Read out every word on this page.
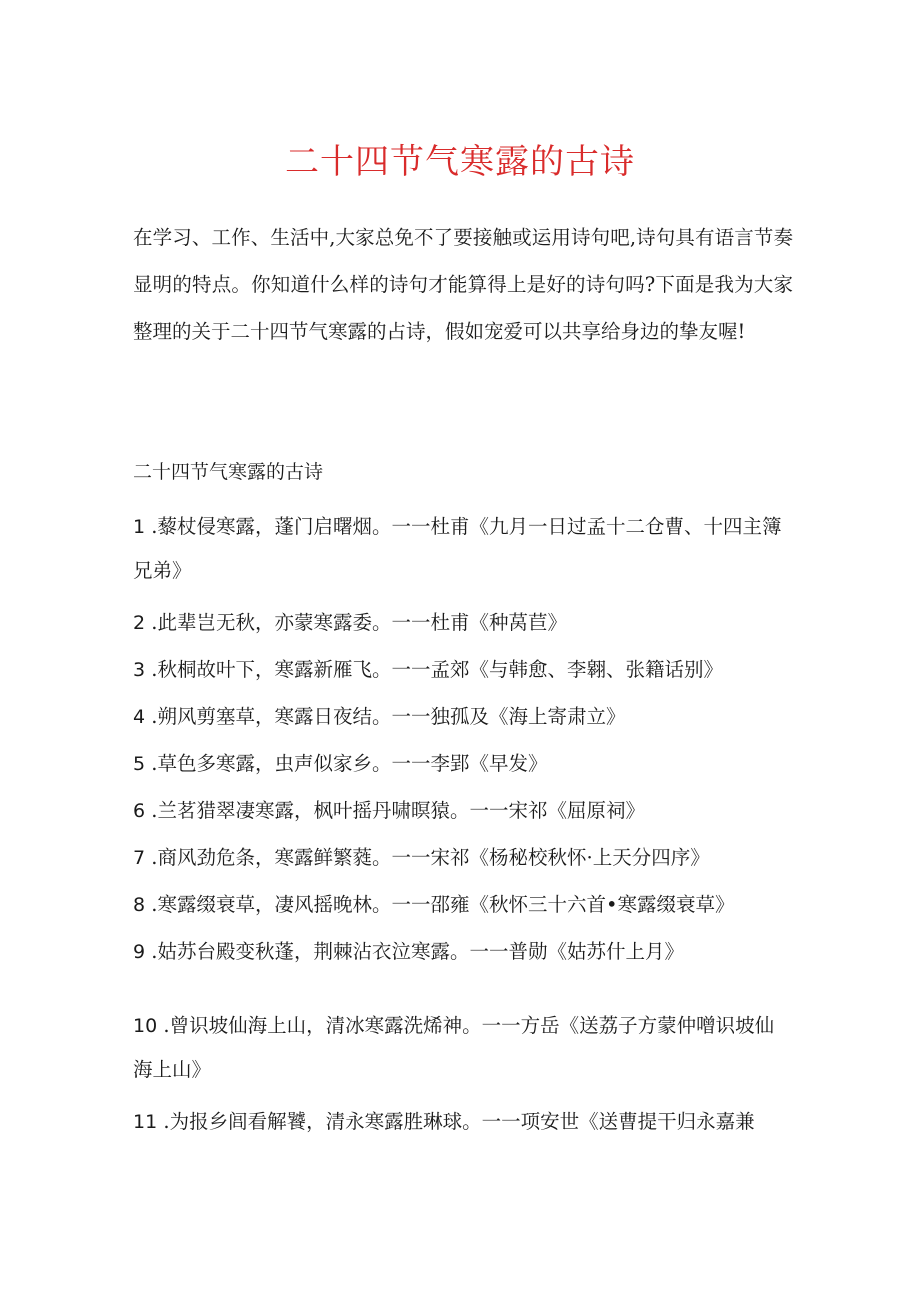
二十四节气寒露的古诗

在学习、工作、生活中,大家总免不了要接触或运用诗句吧,诗句具有语言节奏显明的特点。你知道什么样的诗句才能算得上是好的诗句吗?下面是我为大家整理的关于二十四节气寒露的占诗，假如宠爱可以共享给身边的挚友喔!

二十四节气寒露的古诗

1 .藜杖侵寒露，蓬门启曙烟。一一杜甫《九月一日过孟十二仓曹、十四主簿兄弟》

2 .此辈岂无秋，亦蒙寒露委。一一杜甫《种莴苣》

3 .秋桐故叶下，寒露新雁飞。一一孟郊《与韩愈、李翱、张籍话别》

4 .朔风剪塞草，寒露日夜结。一一独孤及《海上寄肃立》

5 .草色多寒露，虫声似家乡。一一李郢《早发》

6 .兰茗猎翠凄寒露，枫叶摇丹啸暝猿。一一宋祁《屈原祠》

7 .商风劲危条，寒露鲜繁蕤。一一宋祁《杨秘校秋怀·上天分四序》

8 .寒露缀衰草，凄风摇晚林。一一邵雍《秋怀三十六首•寒露缀衰草》

9 .姑苏台殿变秋蓬，荆棘沾衣泣寒露。一一普勋《姑苏什上月》

10 .曾识坡仙海上山，清冰寒露洗烯神。一一方岳《送荔子方蒙仲噌识坡仙海上山》

11 .为报乡闾看解饕，清永寒露胜琳球。一一项安世《送曹提干归永嘉兼
